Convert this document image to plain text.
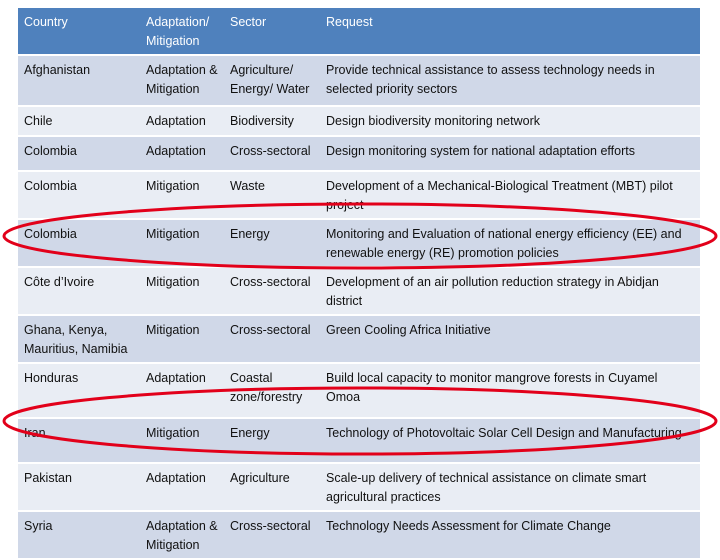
Country	Adaptation/ Mitigation	Sector	Request
Afghanistan	Adaptation & Mitigation	Agriculture/ Energy/ Water	Provide technical assistance to assess technology needs in selected priority sectors
Chile	Adaptation	Biodiversity	Design biodiversity monitoring network
Colombia	Adaptation	Cross-sectoral	Design monitoring system for national adaptation efforts
Colombia	Mitigation	Waste	Development of a Mechanical-Biological Treatment (MBT) pilot project
Colombia	Mitigation	Energy	Monitoring and Evaluation of national energy efficiency (EE) and renewable energy (RE) promotion policies
Côte d’Ivoire	Mitigation	Cross-sectoral	Development of an air pollution reduction strategy in Abidjan district
Ghana, Kenya, Mauritius, Namibia	Mitigation	Cross-sectoral	Green Cooling Africa Initiative
Honduras	Adaptation	Coastal zone/forestry	Build local capacity to monitor mangrove forests in Cuyamel Omoa
Iran	Mitigation	Energy	Technology of Photovoltaic Solar Cell Design and Manufacturing
Pakistan	Adaptation	Agriculture	Scale-up delivery of technical assistance on climate smart agricultural practices
Syria	Adaptation & Mitigation	Cross-sectoral	Technology Needs Assessment for Climate Change
